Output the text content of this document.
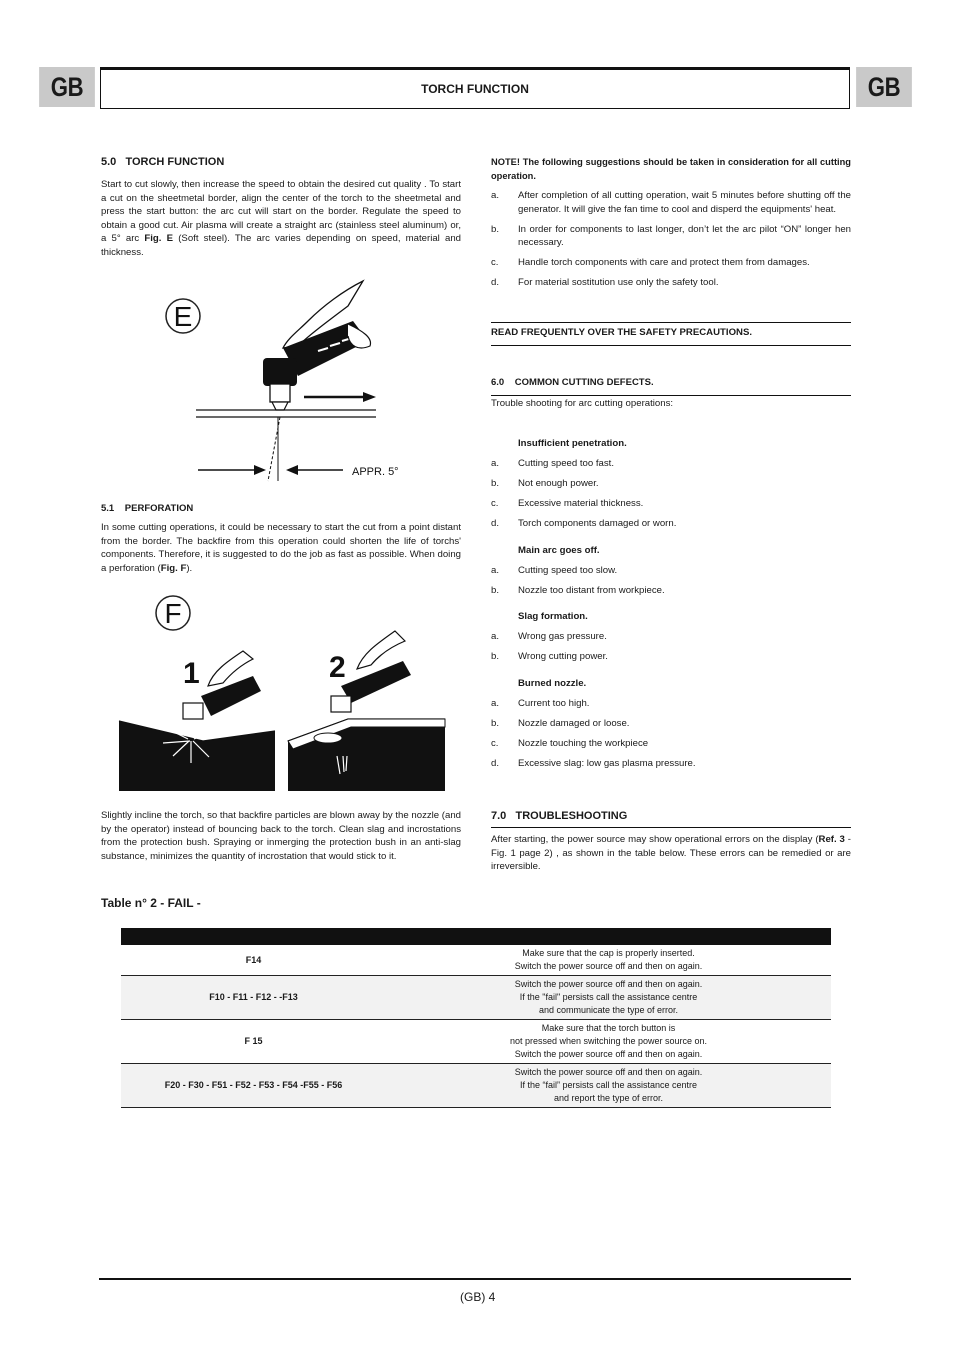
GB	TORCH FUNCTION	GB
5.0 TORCH FUNCTION
Start to cut slowly, then increase the speed to obtain the desired cut quality . To start a cut on the sheetmetal border, align the center of the torch to the sheetmetal and press the start button: the arc cut will start on the border. Regulate the speed to obtain a good cut. Air plasma will create a straight arc (stainless steel aluminum) or, a 5° arc Fig. E (Soft steel). The arc varies depending on speed, material and thickness.
E
APPR. 5°
5.1 PERFORATION
In some cutting operations, it could be necessary to start the cut from a point distant from the border. The backfire from this operation could shorten the life of torchs' components. Therefore, it is suggested to do the job as fast as possible. When doing a perforation (Fig. F).
F
1	2
Slightly incline the torch, so that backfire particles are blown away by the nozzle (and by the operator) instead of bouncing back to the torch. Clean slag and incrostations from the protection bush. Spraying or inmerging the protection bush in an anti-slag substance, minimizes the quantity of incrostation that would stick to it.
Table n° 2 - FAIL -
NOTE! The following suggestions should be taken in consideration for all cutting operation.
a.	After completion of all cutting operation, wait 5 minutes before shutting off the generator. It will give the fan time to cool and disperd the equipments' heat.
b.	In order for components to last longer, don’t let the arc pilot “ON” longer hen necessary.
c.	Handle torch components with care and protect them from damages.
d.	For material sostitution use only the safety tool.
READ FREQUENTLY OVER THE SAFETY PRECAUTIONS.
6.0 COMMON CUTTING DEFECTS.
Trouble shooting for arc cutting operations:
Insufficient penetration.
a.	Cutting speed too fast.
b.	Not enough power.
c.	Excessive material thickness.
d.	Torch components damaged or worn.
Main arc goes off.
a.	Cutting speed too slow.
b.	Nozzle too distant from workpiece.
Slag formation.
a.	Wrong gas pressure.
b.	Wrong cutting power.
Burned nozzle.
a.	Current too high.
b.	Nozzle damaged or loose.
c.	Nozzle touching the workpiece
d.	Excessive slag: low gas plasma pressure.
7.0 TROUBLESHOOTING
After starting, the power source may show operational errors on the display (Ref. 3 - Fig. 1 page 2) , as shown in the table below. These errors can be remedied or are irreversible.

F14	Make sure that the cap is properly inserted.
Switch the power source off and then on again.

F10 - F11 - F12 - -F13	Switch the power source off and then on again.
If the "fail" persists call the assistance centre
and communicate the type of error.

F 15	Make sure that the torch button is
not pressed when switching the power source on.
Switch the power source off and then on again.

F20 - F30 - F51 - F52 - F53 - F54 -F55 - F56	Switch the power source off and then on again.
If the “fail” persists call the assistance centre
and report the type of error.
(GB) 4
